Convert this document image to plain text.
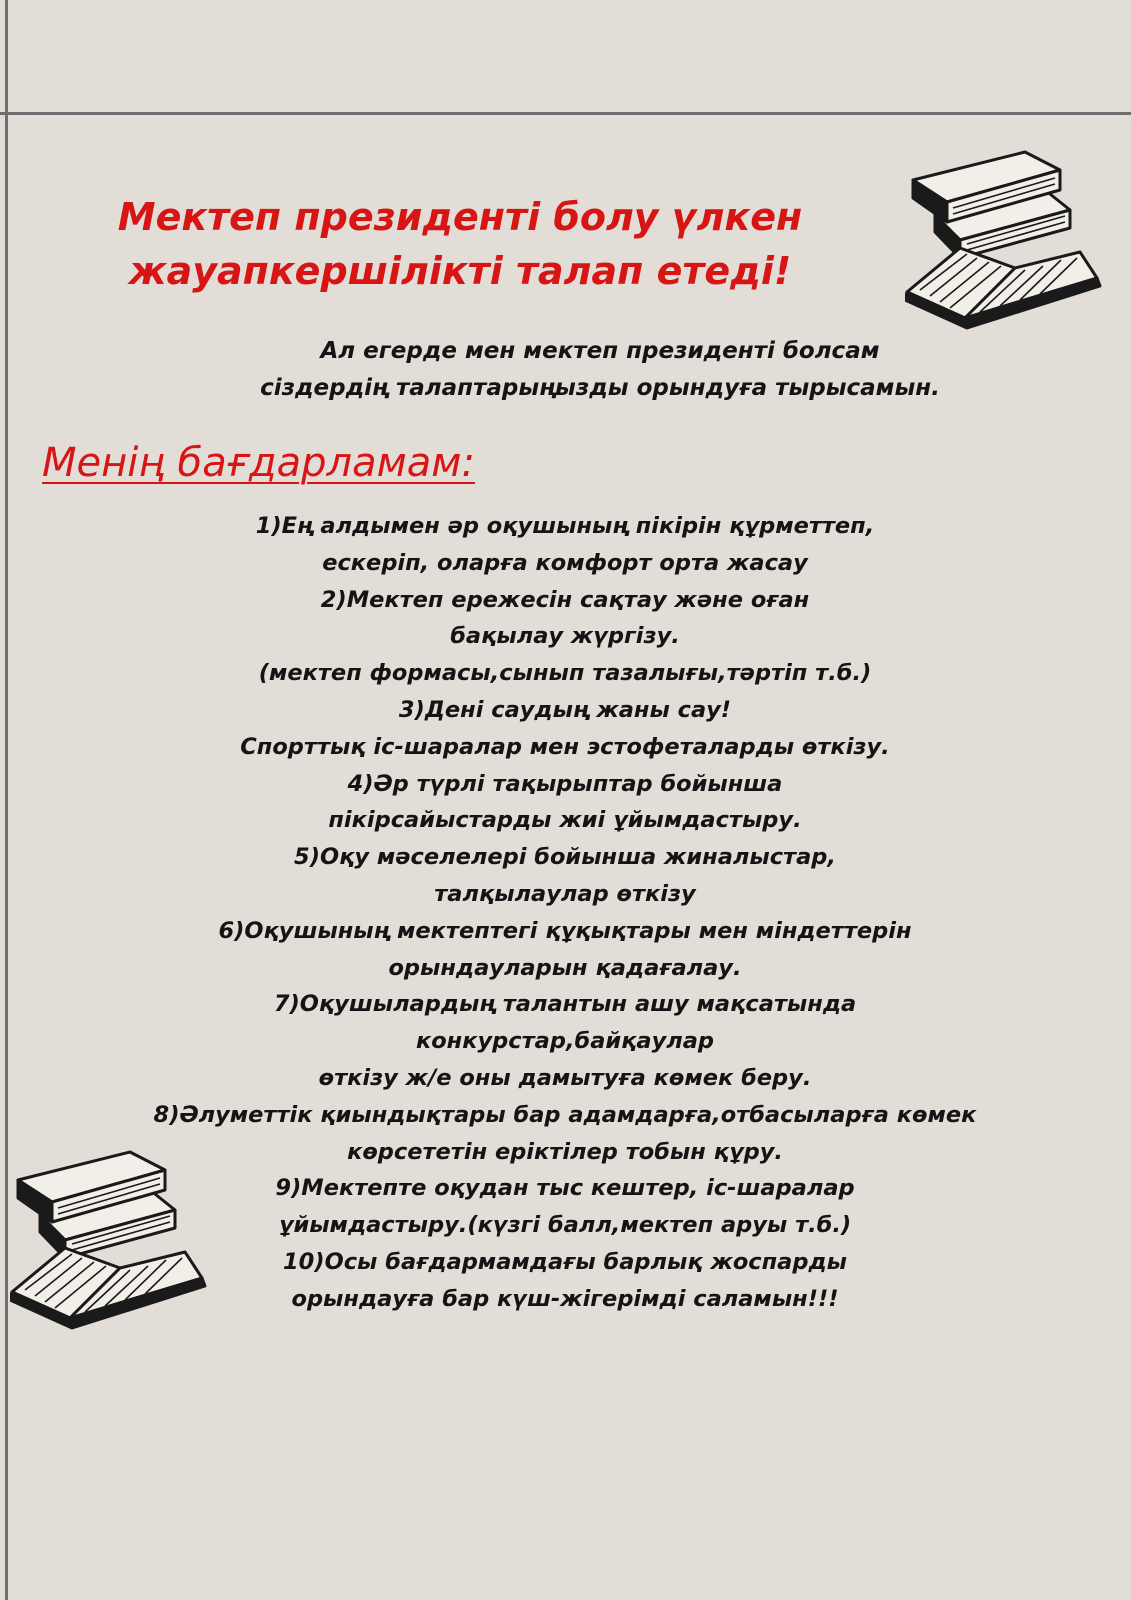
Мектеп президенті болу үлкен
жауапкершілікті талап етеді!

Ал егерде мен мектеп президенті болсам
сіздердің талаптарыңызды орындуға тырысамын.

Менің бағдарламам:
1)Ең алдымен әр оқушының пікірін құрметтеп,
ескеріп, оларға комфорт орта жасау
2)Мектеп ережесін сақтау және оған
бақылау жүргізу.
(мектеп формасы,сынып тазалығы,тәртіп т.б.)
3)Дені саудың жаны сау!
Спорттық іс-шаралар мен эстофеталарды өткізу.
4)Әр түрлі тақырыптар бойынша
пікірсайыстарды жиі ұйымдастыру.
5)Оқу мәселелері бойынша жиналыстар,
талқылаулар өткізу
6)Оқушының мектептегі құқықтары мен міндеттерін
орындауларын қадағалау.
7)Оқушылардың талантын ашу мақсатында
конкурстар,байқаулар
өткізу ж/е оны дамытуға көмек беру.
8)Әлуметтік қиындықтары бар адамдарға,отбасыларға көмек
көрсететін еріктілер тобын құру.
9)Мектепте оқудан тыс кештер, іс-шаралар
ұйымдастыру.(күзгі балл,мектеп аруы т.б.)
10)Осы бағдармамдағы барлық жоспарды
орындауға бар күш-жігерімді саламын!!!
